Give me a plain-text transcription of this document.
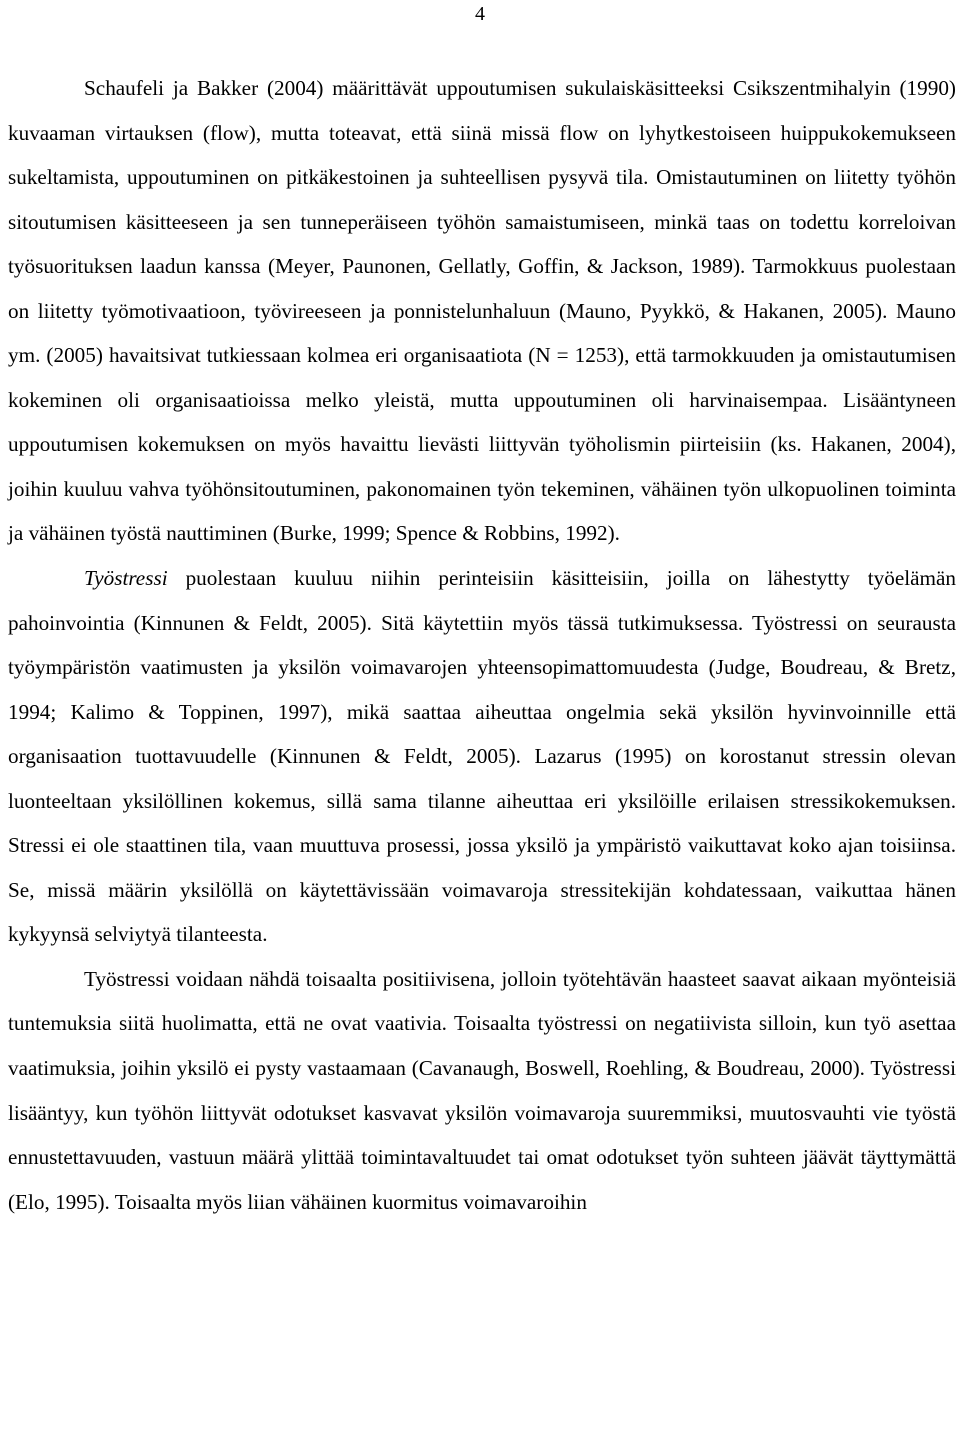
4

Schaufeli ja Bakker (2004) määrittävät uppoutumisen sukulaiskäsitteeksi Csikszentmihalyin (1990) kuvaaman virtauksen (flow), mutta toteavat, että siinä missä flow on lyhytkestoiseen huippukokemukseen sukeltamista, uppoutuminen on pitkäkestoinen ja suhteellisen pysyvä tila. Omistautuminen on liitetty työhön sitoutumisen käsitteeseen ja sen tunneperäiseen työhön samaistumiseen, minkä taas on todettu korreloivan työsuorituksen laadun kanssa (Meyer, Paunonen, Gellatly, Goffin, & Jackson, 1989). Tarmokkuus puolestaan on liitetty työmotivaatioon, työvireeseen ja ponnistelunhaluun (Mauno, Pyykkö, & Hakanen, 2005). Mauno ym. (2005) havaitsivat tutkiessaan kolmea eri organisaatiota (N = 1253), että tarmokkuuden ja omistautumisen kokeminen oli organisaatioissa melko yleistä, mutta uppoutuminen oli harvinaisempaa. Lisääntyneen uppoutumisen kokemuksen on myös havaittu lievästi liittyvän työholismin piirteisiin (ks. Hakanen, 2004), joihin kuuluu vahva työhönsitoutuminen, pakonomainen työn tekeminen, vähäinen työn ulkopuolinen toiminta ja vähäinen työstä nauttiminen (Burke, 1999; Spence & Robbins, 1992).

Työstressi puolestaan kuuluu niihin perinteisiin käsitteisiin, joilla on lähestytty työelämän pahoinvointia (Kinnunen & Feldt, 2005). Sitä käytettiin myös tässä tutkimuksessa. Työstressi on seurausta työympäristön vaatimusten ja yksilön voimavarojen yhteensopimattomuudesta (Judge, Boudreau, & Bretz, 1994; Kalimo & Toppinen, 1997), mikä saattaa aiheuttaa ongelmia sekä yksilön hyvinvoinnille että organisaation tuottavuudelle (Kinnunen & Feldt, 2005). Lazarus (1995) on korostanut stressin olevan luonteeltaan yksilöllinen kokemus, sillä sama tilanne aiheuttaa eri yksilöille erilaisen stressikokemuksen. Stressi ei ole staattinen tila, vaan muuttuva prosessi, jossa yksilö ja ympäristö vaikuttavat koko ajan toisiinsa. Se, missä määrin yksilöllä on käytettävissään voimavaroja stressitekijän kohdatessaan, vaikuttaa hänen kykyynsä selviytyä tilanteesta.

Työstressi voidaan nähdä toisaalta positiivisena, jolloin työtehtävän haasteet saavat aikaan myönteisiä tuntemuksia siitä huolimatta, että ne ovat vaativia. Toisaalta työstressi on negatiivista silloin, kun työ asettaa vaatimuksia, joihin yksilö ei pysty vastaamaan (Cavanaugh, Boswell, Roehling, & Boudreau, 2000). Työstressi lisääntyy, kun työhön liittyvät odotukset kasvavat yksilön voimavaroja suuremmiksi, muutosvauhti vie työstä ennustettavuuden, vastuun määrä ylittää toimintavaltuudet tai omat odotukset työn suhteen jäävät täyttymättä (Elo, 1995). Toisaalta myös liian vähäinen kuormitus voimavaroihin
